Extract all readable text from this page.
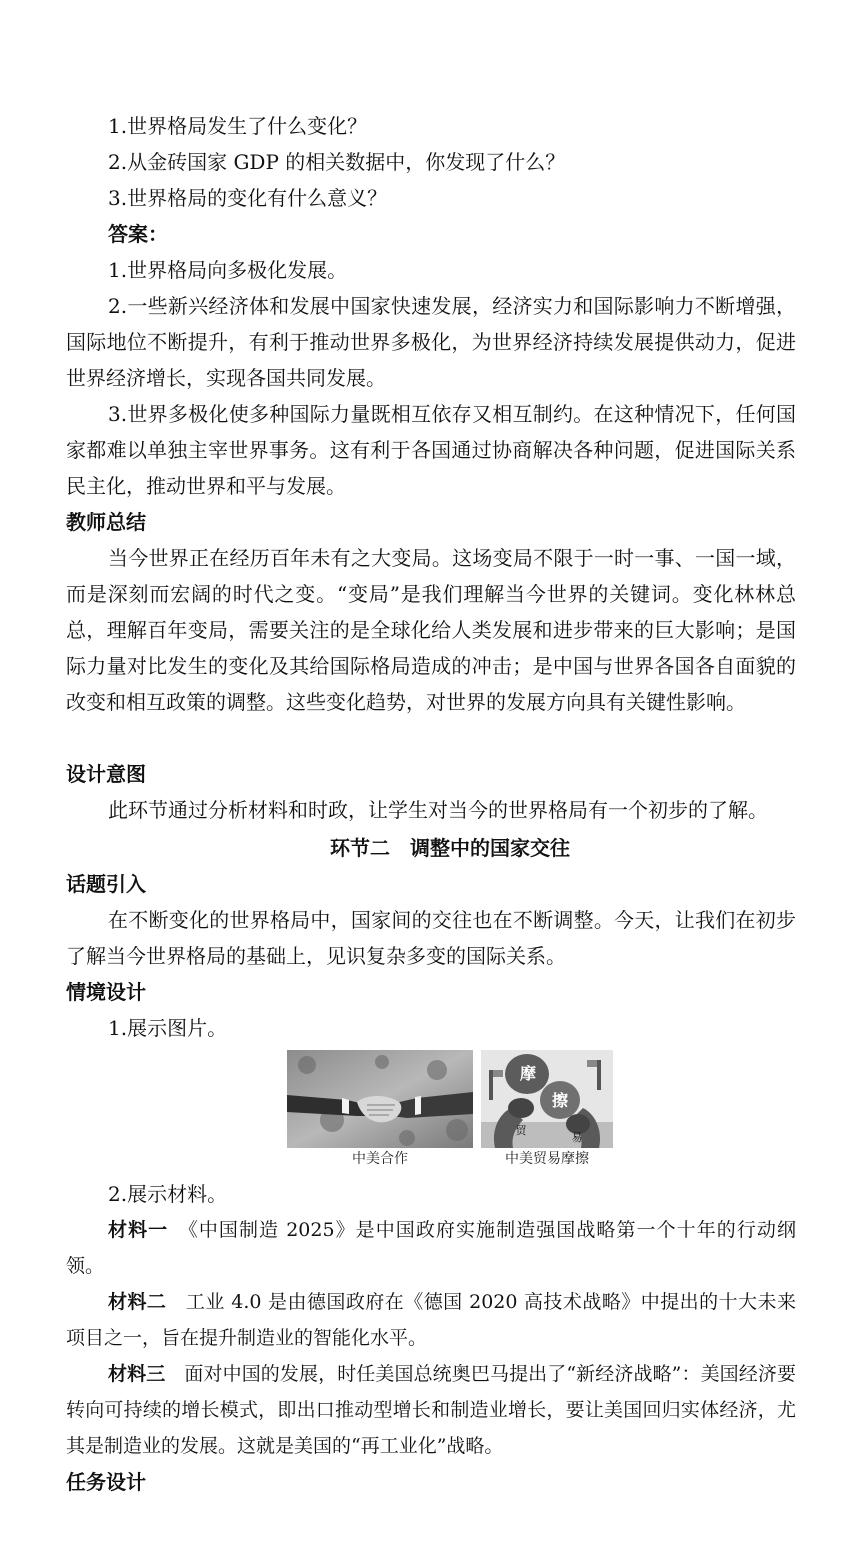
1.世界格局发生了什么变化？
2.从金砖国家 GDP 的相关数据中，你发现了什么？
3.世界格局的变化有什么意义？
答案：
1.世界格局向多极化发展。
2.一些新兴经济体和发展中国家快速发展，经济实力和国际影响力不断增强，国际地位不断提升，有利于推动世界多极化，为世界经济持续发展提供动力，促进世界经济增长，实现各国共同发展。
3.世界多极化使多种国际力量既相互依存又相互制约。在这种情况下，任何国家都难以单独主宰世界事务。这有利于各国通过协商解决各种问题，促进国际关系民主化，推动世界和平与发展。
教师总结
当今世界正在经历百年未有之大变局。这场变局不限于一时一事、一国一域，而是深刻而宏阔的时代之变。“变局”是我们理解当今世界的关键词。变化林林总总，理解百年变局，需要关注的是全球化给人类发展和进步带来的巨大影响；是国际力量对比发生的变化及其给国际格局造成的冲击；是中国与世界各国各自面貌的改变和相互政策的调整。这些变化趋势，对世界的发展方向具有关键性影响。
设计意图
此环节通过分析材料和时政，让学生对当今的世界格局有一个初步的了解。
环节二　调整中的国家交往
话题引入
在不断变化的世界格局中，国家间的交往也在不断调整。今天，让我们在初步了解当今世界格局的基础上，见识复杂多变的国际关系。
情境设计
1.展示图片。
中美合作
摩
擦
贸
易
中美贸易摩擦
2.展示材料。
材料一　 《中国制造 2025》是中国政府实施制造强国战略第一个十年的行动纲领。
材料二　 工业 4.0 是由德国政府在《德国 2020 高技术战略》中提出的十大未来项目之一，旨在提升制造业的智能化水平。
材料三　 面对中国的发展，时任美国总统奥巴马提出了“新经济战略”：美国经济要转向可持续的增长模式，即出口推动型增长和制造业增长，要让美国回归实体经济，尤其是制造业的发展。这就是美国的“再工业化”战略。
任务设计
